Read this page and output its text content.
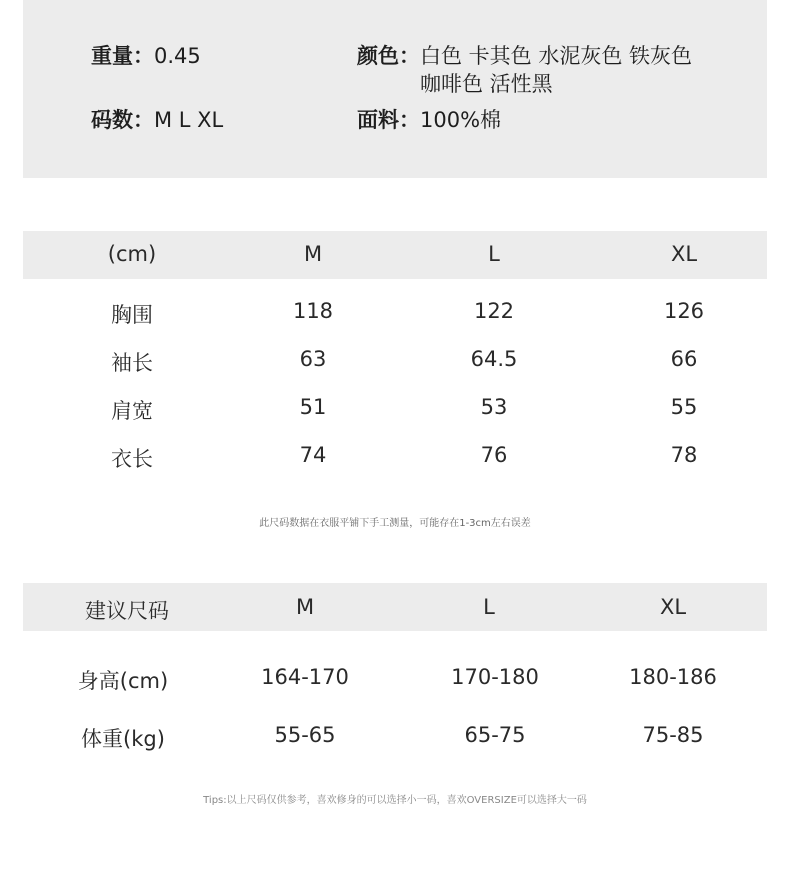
重量：0.45
码数：M L XL
颜色：白色 卡其色 水泥灰色 铁灰色 咖啡色 活性黑
面料：100%棉
(cm)	M	L	XL
胸围	118	122	126
袖长	63	64.5	66
肩宽	51	53	55
衣长	74	76	78
此尺码数据在衣服平铺下手工测量，可能存在1-3cm左右误差
建议尺码	M	L	XL
身高(cm)	164-170	170-180	180-186
体重(kg)	55-65	65-75	75-85
Tips:以上尺码仅供参考，喜欢修身的可以选择小一码，喜欢OVERSIZE可以选择大一码
